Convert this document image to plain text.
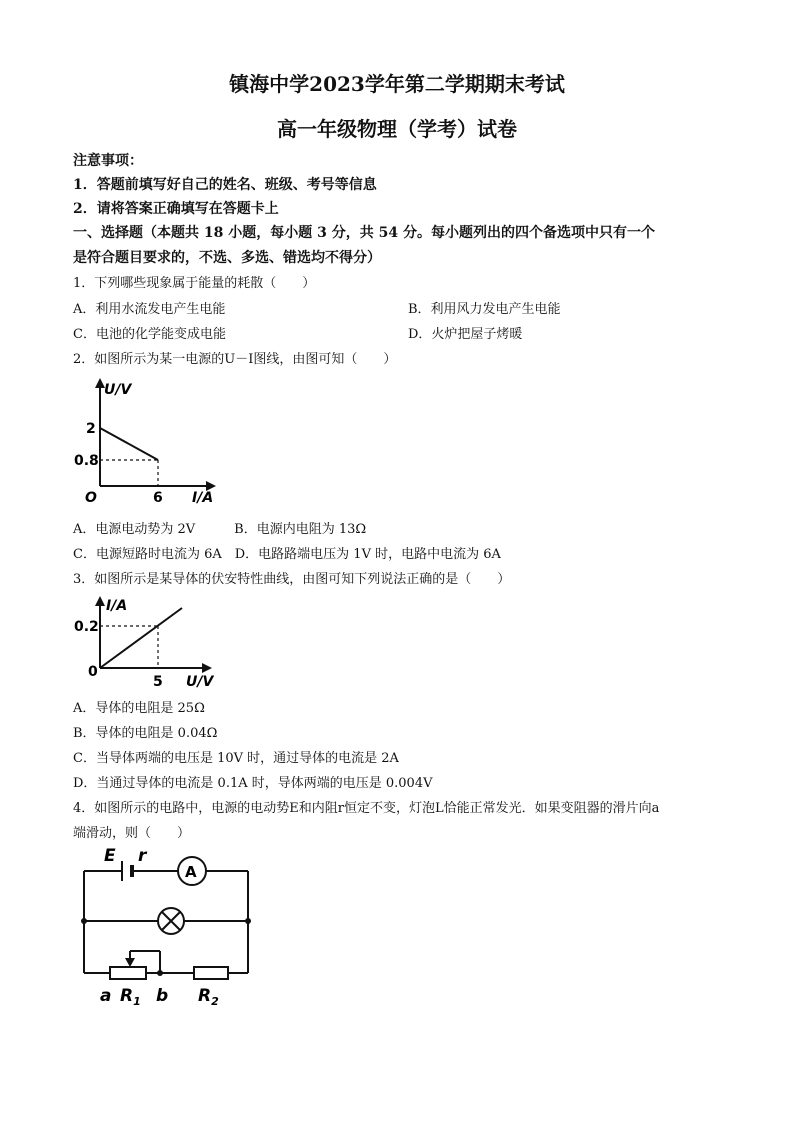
镇海中学2023学年第二学期期末考试
高一年级物理（学考）试卷
注意事项：
1．答题前填写好自己的姓名、班级、考号等信息
2．请将答案正确填写在答题卡上
一、选择题（本题共 18 小题，每小题 3 分，共 54 分。每小题列出的四个备选项中只有一个
是符合题目要求的，不选、多选、错选均不得分）
1．下列哪些现象属于能量的耗散（　　）
A．利用水流发电产生电能	B．利用风力发电产生电能
C．电池的化学能变成电能	D．火炉把屋子烤暖
2．如图所示为某一电源的U－I图线，由图可知（　　）
U/V
2
0.8
O	6 I/A
A．电源电动势为 2V　　　B．电源内电阻为 13Ω
C．电源短路时电流为 6A　D．电路路端电压为 1V 时，电路中电流为 6A
3．如图所示是某导体的伏安特性曲线，由图可知下列说法正确的是（　　）
I/A
0.2
0
5 U/V
A．导体的电阻是 25Ω
B．导体的电阻是 0.04Ω
C．当导体两端的电压是 10V 时，通过导体的电流是 2A
D．当通过导体的电流是 0.1A 时，导体两端的电压是 0.004V
4．如图所示的电路中，电源的电动势E和内阻r恒定不变，灯泡L恰能正常发光．如果变阻器的滑片向a
端滑动，则（　　）
A
E r
a $R_1$ b $R_2$
